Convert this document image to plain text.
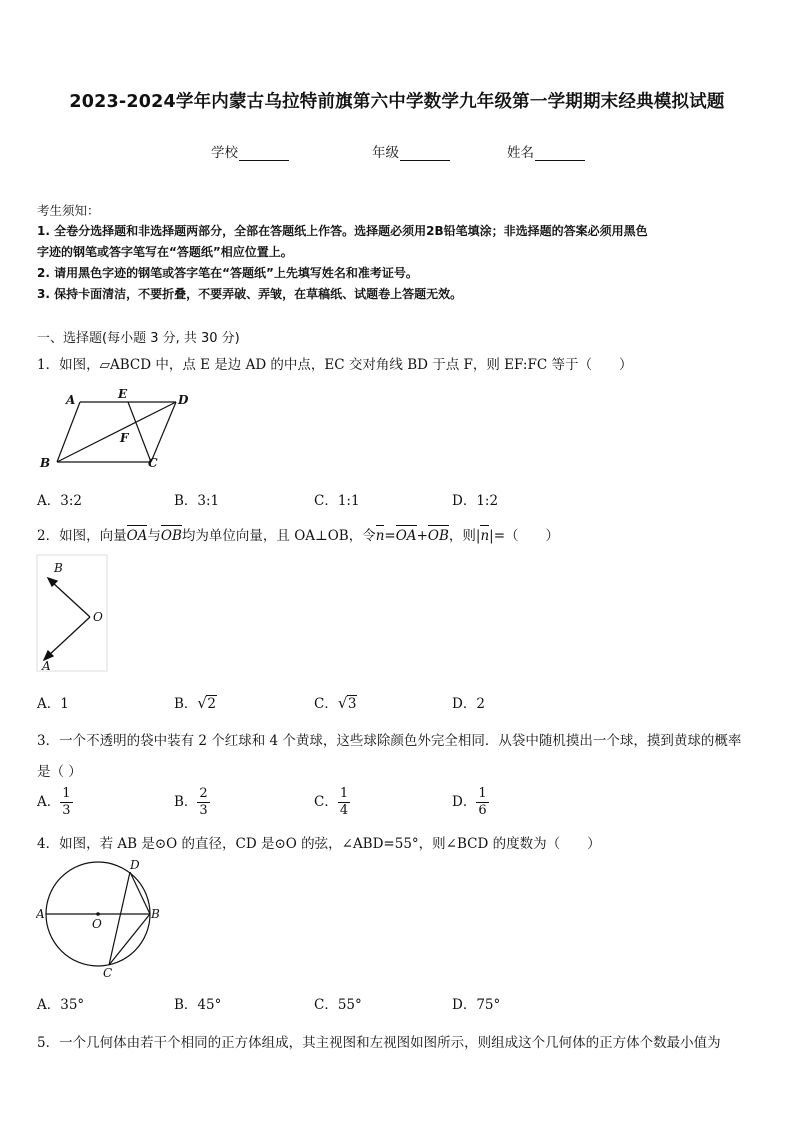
2023-2024学年内蒙古乌拉特前旗第六中学数学九年级第一学期期末经典模拟试题
学校	年级	姓名
考生须知：
1. 全卷分选择题和非选择题两部分，全部在答题纸上作答。选择题必须用2B铅笔填涂；非选择题的答案必须用黑色
字迹的钢笔或答字笔写在“答题纸”相应位置上。
2. 请用黑色字迹的钢笔或答字笔在“答题纸”上先填写姓名和准考证号。
3. 保持卡面清洁，不要折叠，不要弄破、弄皱，在草稿纸、试题卷上答题无效。
一、选择题(每小题 3 分, 共 30 分)
1．如图，▱ABCD 中，点 E 是边 AD 的中点，EC 交对角线 BD 于点 F，则 EF:FC 等于（　　）
A	E	D
F
B	C
A．3:2	B．3:1	C．1:1	D．1:2
2．如图，向量OA与OB均为单位向量，且 OA⊥OB，令n=OA+OB，则|n|=（　　）
B
O
A
A．1	B． √ 2	C． √ 3	D．2
3．一个不透明的袋中装有 2 个红球和 4 个黄球，这些球除颜色外完全相同．从袋中随机摸出一个球，摸到黄球的概率
是（ ）
A． $\frac{1}{3}$	B． $\frac{2}{3}$	C． $\frac{1}{4}$	D． $\frac{1}{6}$
4．如图，若 AB 是⊙O 的直径，CD 是⊙O 的弦，∠ABD=55°，则∠BCD 的度数为（　　）
D
A	B
O
C
A．35°	B．45°	C．55°	D．75°
5．一个几何体由若干个相同的正方体组成，其主视图和左视图如图所示，则组成这个几何体的正方体个数最小值为
